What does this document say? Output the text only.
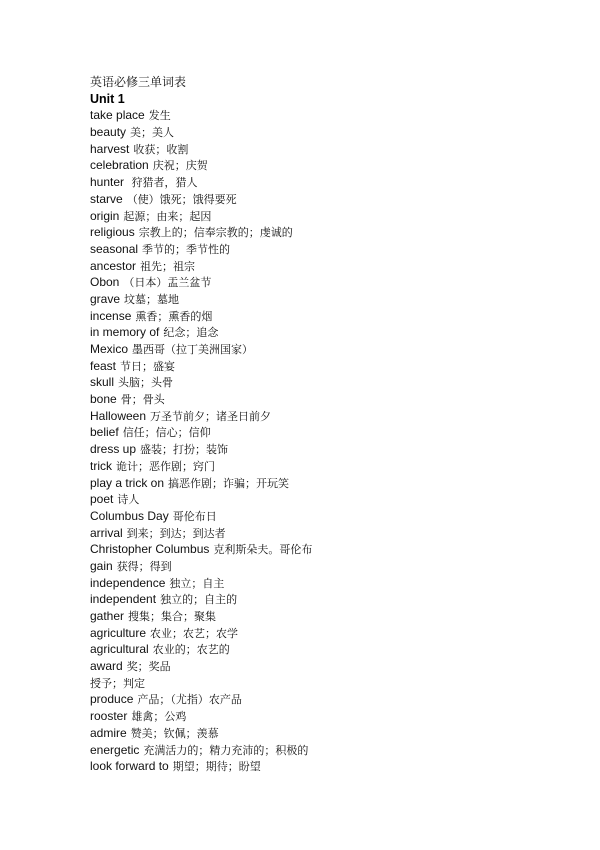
英语必修三单词表
Unit 1
take place 发生
beauty 美；美人
harvest 收获；收割
celebration 庆祝；庆贺
hunter 狩猎者，猎人
starve （使）饿死；饿得要死
origin 起源；由来；起因
religious 宗教上的；信奉宗教的；虔诚的
seasonal 季节的；季节性的
ancestor 祖先；祖宗
Obon （日本）盂兰盆节
grave 坟墓；墓地
incense 熏香；熏香的烟
in memory of 纪念；追念
Mexico 墨西哥（拉丁美洲国家）
feast 节日；盛宴
skull 头脑；头骨
bone 骨；骨头
Halloween 万圣节前夕；诸圣日前夕
belief 信任；信心；信仰
dress up 盛装；打扮；装饰
trick 诡计；恶作剧；窍门
play a trick on 搞恶作剧；诈骗；开玩笑
poet 诗人
Columbus Day 哥伦布日
arrival 到来；到达；到达者
Christopher Columbus 克利斯朵夫。哥伦布
gain 获得；得到
independence 独立；自主
independent 独立的；自主的
gather 搜集；集合；聚集
agriculture 农业；农艺；农学
agricultural 农业的；农艺的
award 奖；奖品
授予；判定
produce 产品；（尤指）农产品
rooster 雄禽；公鸡
admire 赞美；钦佩；羡慕
energetic 充满活力的；精力充沛的；积极的
look forward to 期望；期待；盼望
